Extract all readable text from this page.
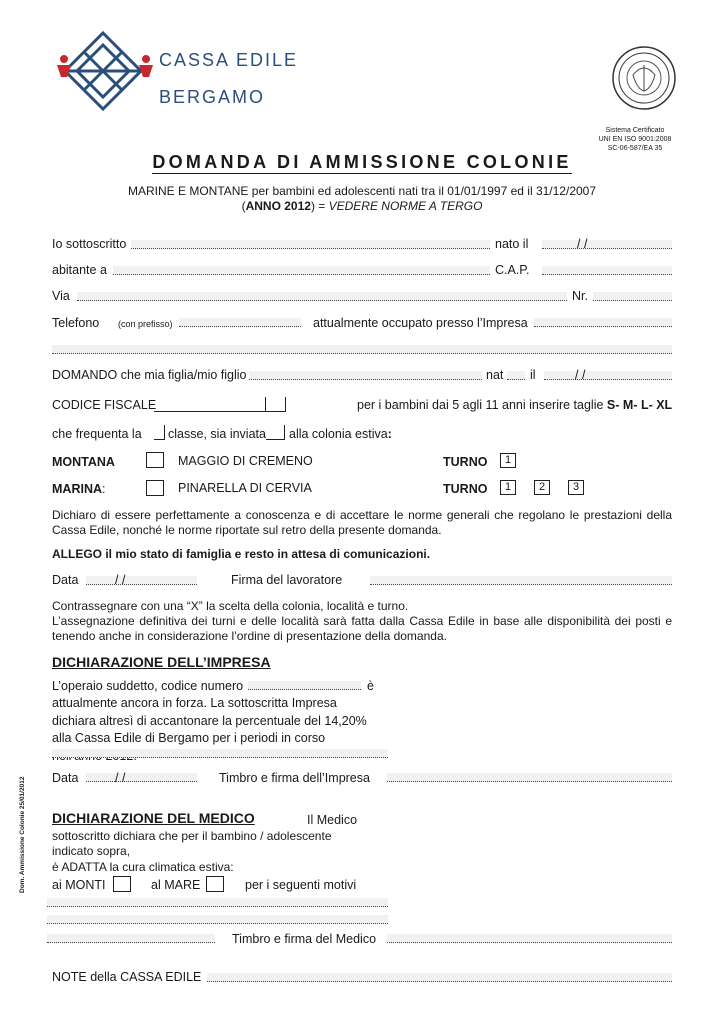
CASSA EDILE
BERGAMO
Sistema Certificato
UNI EN ISO 9001:2008
SC-06-587/EA 35
DOMANDA DI AMMISSIONE COLONIE
MARINE E MONTANE per bambini ed adolescenti nati tra il 01/01/1997 ed il 31/12/2007
(ANNO 2012) = VEDERE NORME A TERGO
Io sottoscritto	nato il	/ /
abitante a	C.A.P.
Via	Nr.
Telefono (con prefisso)	attualmente occupato presso l’Impresa
DOMANDO che mia figlia/mio figlio	nat il	/ /
CODICE FISCALE	per i bambini dai 5 agli 11 anni inserire taglie S- M- L- XL
che frequenta la classe, sia inviata alla colonia estiva:
MONTANA	MAGGIO DI CREMENO	TURNO	1
MARINA:	PINARELLA DI CERVIA	TURNO	1	2	3
Dichiaro di essere perfettamente a conoscenza e di accettare le norme generali che regolano le prestazioni della Cassa Edile, nonché le norme riportate sul retro della presente domanda.
ALLEGO il mio stato di famiglia e resto in attesa di comunicazioni.
Data	/ /	Firma del lavoratore
Contrassegnare con una “X” la scelta della colonia, località e turno.
L’assegnazione definitiva dei turni e delle località sarà fatta dalla Cassa Edile in base alle disponibilità dei posti e tenendo anche in considerazione l’ordine di presentazione della domanda.
DICHIARAZIONE DELL’IMPRESA
L’operaio suddetto, codice numero	è
attualmente ancora in forza. La sottoscritta Impresa dichiara altresì di accantonare la percentuale del 14,20% alla Cassa Edile di Bergamo per i periodi in corso
Data	/ /	Timbro e firma dell’Impresa
DICHIARAZIONE DEL MEDICO	Il Medico
sottoscritto dichiara che per il bambino / adolescente indicato sopra,
è ADATTA la cura climatica estiva:
ai MONTI	al MARE	per i seguenti motivi
Timbro e firma del Medico
NOTE della CASSA EDILE
Dom. Ammissione Colonie 25/01/2012
